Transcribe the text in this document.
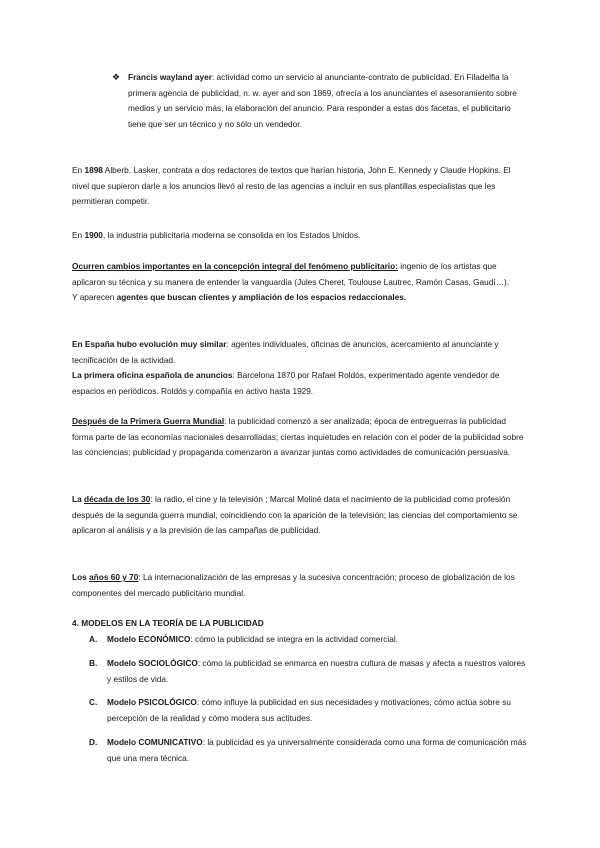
❖ Francis wayland ayer: actividad como un servicio al anunciante-contrato de publicidad. En Filadelfia la primera agencia de publicidad, n. w. ayer and son 1869, ofrecía a los anunciantes el asesoramiento sobre medios y un servicio más, la elaboración del anuncio. Para responder a estas dos facetas, el publicitario tiene que ser un técnico y no sólo un vendedor.

En 1898 Alberb. Lasker, contrata a dos redactores de textos que harían historia, John E. Kennedy y Claude Hopkins. El nivel que supieron darle a los anuncios llevó al resto de las agencias a incluir en sus plantillas especialistas que les permitieran competir.

En 1900, la industria publicitaria moderna se consolida en los Estados Unidos.

Ocurren cambios importantes en la concepción integral del fenómeno publicitario: ingenio de los artistas que aplicaron su técnica y su manera de entender la vanguardia (Jules Cheret, Toulouse Lautrec, Ramón Casas, Gaudí…).

Y aparecen agentes que buscan clientes y ampliación de los espacios redaccionales.

En España hubo evolución muy similar: agentes individuales, oficinas de anuncios, acercamiento al anunciante y tecnificación de la actividad.

La primera oficina española de anuncios: Barcelona 1870 por Rafael Roldós, experimentado agente vendedor de espacios en periódicos. Roldós y compañía en activo hasta 1929.

Después de la Primera Guerra Mundial: la publicidad comenzó a ser analizada; época de entreguerras la publicidad forma parte de las economías nacionales desarrolladas; ciertas inquietudes en relación con el poder de la publicidad sobre las conciencias; publicidad y propaganda comenzaron a avanzar juntas como actividades de comunicación persuasiva.

La década de los 30: la radio, el cine y la televisión ; Marcal Moliné data el nacimiento de la publicidad como profesión después de la segunda guerra mundial, coincidiendo con la aparición de la televisión; las ciencias del comportamiento se aplicaron al análisis y a la previsión de las campañas de publicidad.

Los años 60 y 70: La internacionalización de las empresas y la sucesiva concentración; proceso de globalización de los componentes del mercado publicitario mundial.

4. MODELOS EN LA TEORÍA DE LA PUBLICIDAD
A. Modelo ECONÓMICO: cómo la publicidad se integra en la actividad comercial.

B. Modelo SOCIOLÓGICO: cómo la publicidad se enmarca en nuestra cultura de masas y afecta a nuestros valores y estilos de vida.

C. Modelo PSICOLÓGICO: cómo influye la publicidad en sus necesidades y motivaciones, cómo actúa sobre su percepción de la realidad y cómo modera sus actitudes.

D. Modelo COMUNICATIVO: la publicidad es ya universalmente considerada como una forma de comunicación más que una mera técnica.
